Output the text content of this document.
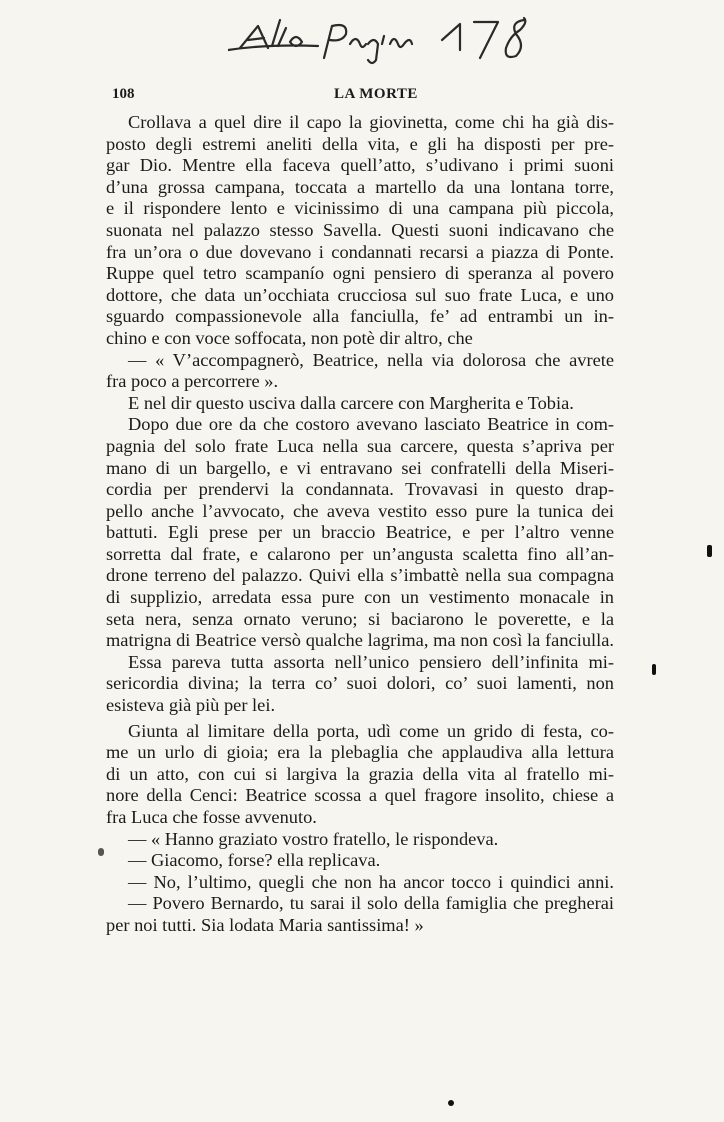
108	LA MORTE
Crollava a quel dire il capo la giovinetta, come chi ha già dis-
posto degli estremi aneliti della vita, e gli ha disposti per pre-
gar Dio. Mentre ella faceva quell’atto, s’udivano i primi suoni
d’una grossa campana, toccata a martello da una lontana torre,
e il rispondere lento e vicinissimo di una campana più piccola,
suonata nel palazzo stesso Savella. Questi suoni indicavano che
fra un’ora o due dovevano i condannati recarsi a piazza di Ponte.
Ruppe quel tetro scampanío ogni pensiero di speranza al povero
dottore, che data un’occhiata crucciosa sul suo frate Luca, e uno
sguardo compassionevole alla fanciulla, fe’ ad entrambi un in-
chino e con voce soffocata, non potè dir altro, che
— « V’accompagnerò, Beatrice, nella via dolorosa che avrete
fra poco a percorrere ».
E nel dir questo usciva dalla carcere con Margherita e Tobia.
Dopo due ore da che costoro avevano lasciato Beatrice in com-
pagnia del solo frate Luca nella sua carcere, questa s’apriva per
mano di un bargello, e vi entravano sei confratelli della Miseri-
cordia per prendervi la condannata. Trovavasi in questo drap-
pello anche l’avvocato, che aveva vestito esso pure la tunica dei
battuti. Egli prese per un braccio Beatrice, e per l’altro venne
sorretta dal frate, e calarono per un’angusta scaletta fino all’an-
drone terreno del palazzo. Quivi ella s’imbattè nella sua compagna
di supplizio, arredata essa pure con un vestimento monacale in
seta nera, senza ornato veruno; si baciarono le poverette, e la
matrigna di Beatrice versò qualche lagrima, ma non così la fanciulla.
Essa pareva tutta assorta nell’unico pensiero dell’infinita mi-
sericordia divina; la terra co’ suoi dolori, co’ suoi lamenti, non
esisteva già più per lei.
Giunta al limitare della porta, udì come un grido di festa, co-
me un urlo di gioia; era la plebaglia che applaudiva alla lettura
di un atto, con cui si largiva la grazia della vita al fratello mi-
nore della Cenci: Beatrice scossa a quel fragore insolito, chiese a
fra Luca che fosse avvenuto.
— « Hanno graziato vostro fratello, le rispondeva.
— Giacomo, forse? ella replicava.
— No, l’ultimo, quegli che non ha ancor tocco i quindici anni.
— Povero Bernardo, tu sarai il solo della famiglia che pregherai
per noi tutti. Sia lodata Maria santissima! »
